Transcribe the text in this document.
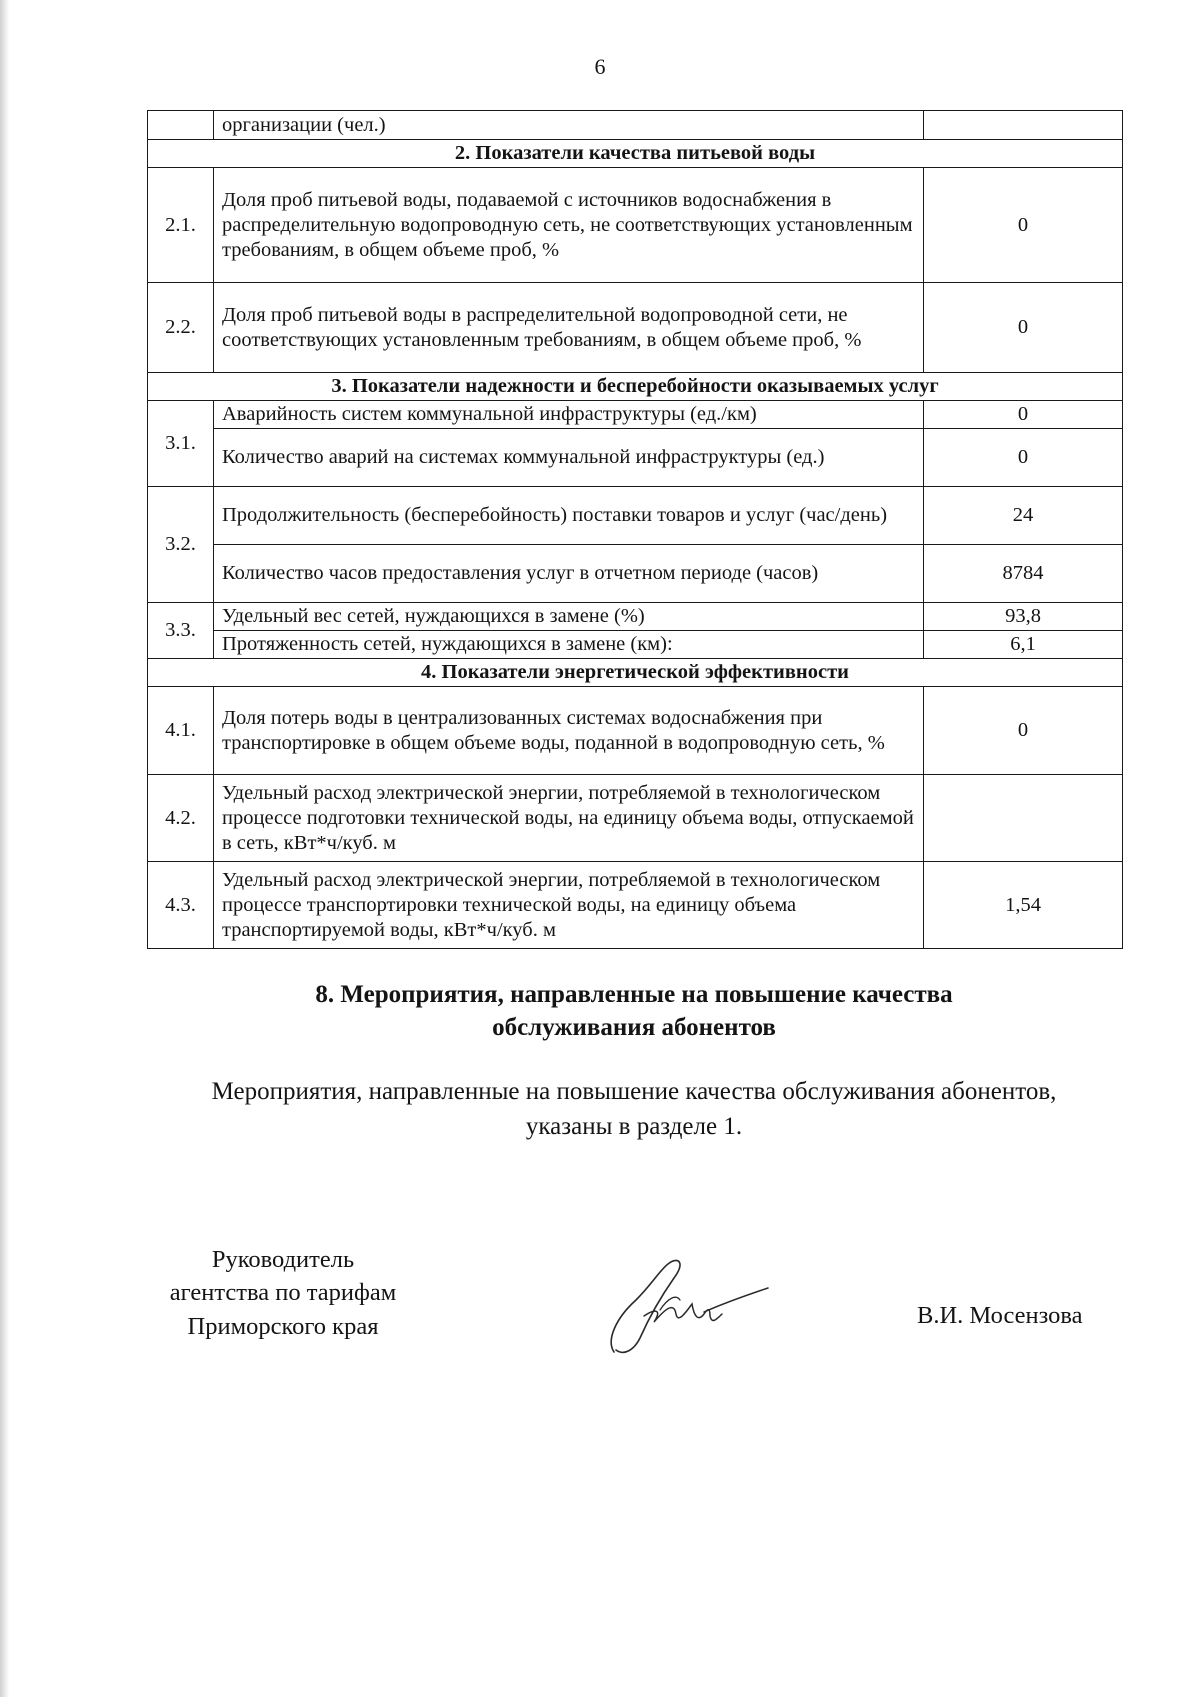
6
	организации (чел.)	
2. Показатели качества питьевой воды		
2.1.	Доля проб питьевой воды, подаваемой с источников водоснабжения в распределительную водопроводную сеть, не соответствующих установленным требованиям, в общем объеме проб, %	0
2.2.	Доля проб питьевой воды в распределительной водопроводной сети, не соответствующих установленным требованиям, в общем объеме проб, %	0
3. Показатели надежности и бесперебойности оказываемых услуг		
3.1.	Аварийность систем коммунальной инфраструктуры (ед./км)	0
	Количество аварий на системах коммунальной инфраструктуры (ед.)	0
3.2.	Продолжительность (бесперебойность) поставки товаров и услуг (час/день)	24
	Количество часов предоставления услуг в отчетном периоде (часов)	8784
3.3.	Удельный вес сетей, нуждающихся в замене (%)	93,8
	Протяженность сетей, нуждающихся в замене (км):	6,1
4. Показатели энергетической эффективности		
4.1.	Доля потерь воды в централизованных системах водоснабжения при транспортировке в общем объеме воды, поданной в водопроводную сеть, %	0
4.2.	Удельный расход электрической энергии, потребляемой в технологическом процессе подготовки технической воды, на единицу объема воды, отпускаемой в сеть, кВт*ч/куб. м	
4.3.	Удельный расход электрической энергии, потребляемой в технологическом процессе транспортировки технической воды, на единицу объема транспортируемой воды, кВт*ч/куб. м	1,54
8. Мероприятия, направленные на повышение качества
обслуживания абонентов
Мероприятия, направленные на повышение качества обслуживания абонентов,
указаны в разделе 1.
Руководитель
агентства по тарифам
Приморского края	В.И. Мосензова
